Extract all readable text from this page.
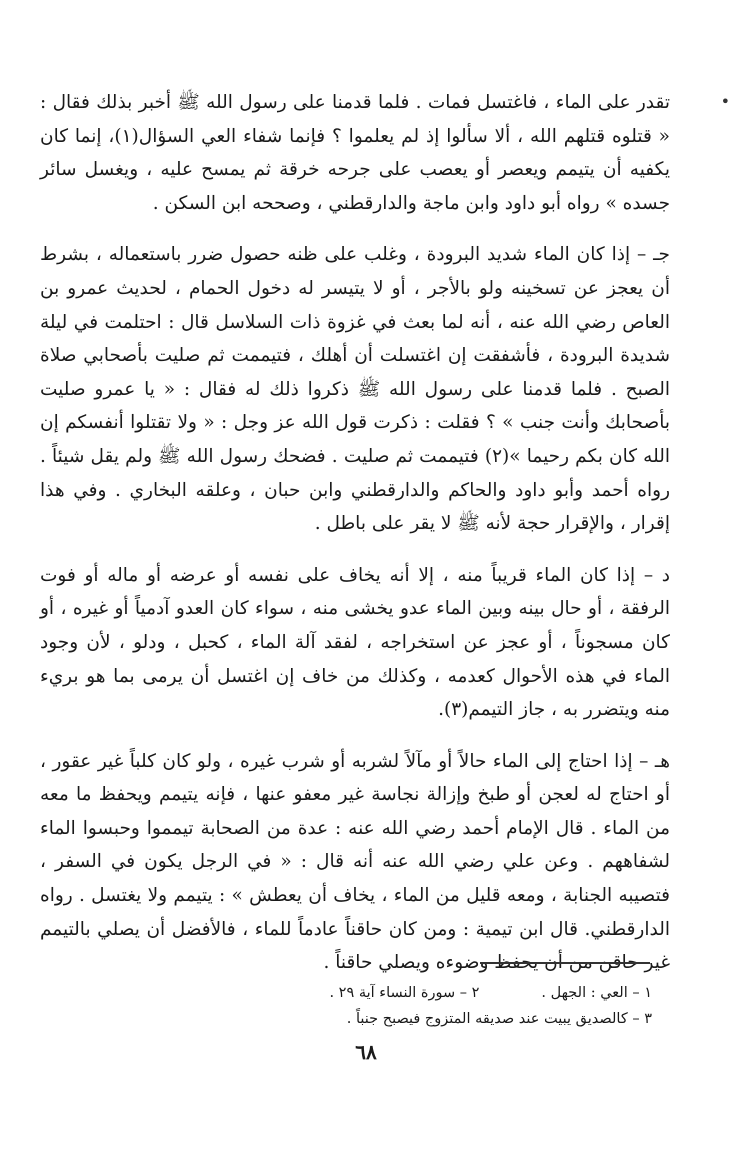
•

تقدر على الماء ، فاغتسل فمات . فلما قدمنا على رسول الله ﷺ أخبر بذلك فقال : « قتلوه قتلهم الله ، ألا سألوا إذ لم يعلموا ؟ فإنما شفاء العي السؤال(١)، إنما كان يكفيه أن يتيمم ويعصر أو يعصب على جرحه خرقة ثم يمسح عليه ، ويغسل سائر جسده » رواه أبو داود وابن ماجة والدارقطني ، وصححه ابن السكن .

جـ – إذا كان الماء شديد البرودة ، وغلب على ظنه حصول ضرر باستعماله ، بشرط أن يعجز عن تسخينه ولو بالأجر ، أو لا يتيسر له دخول الحمام ، لحديث عمرو بن العاص رضي الله عنه ، أنه لما بعث في غزوة ذات السلاسل قال : احتلمت في ليلة شديدة البرودة ، فأشفقت إن اغتسلت أن أهلك ، فتيممت ثم صليت بأصحابي صلاة الصبح . فلما قدمنا على رسول الله ﷺ ذكروا ذلك له فقال : « يا عمرو صليت بأصحابك وأنت جنب » ؟ فقلت : ذكرت قول الله عز وجل : « ولا تقتلوا أنفسكم إن الله كان بكم رحيما »(٢) فتيممت ثم صليت . فضحك رسول الله ﷺ ولم يقل شيئاً . رواه أحمد وأبو داود والحاكم والدارقطني وابن حبان ، وعلقه البخاري . وفي هذا إقرار ، والإقرار حجة لأنه ﷺ لا يقر على باطل .

د – إذا كان الماء قريباً منه ، إلا أنه يخاف على نفسه أو عرضه أو ماله أو فوت الرفقة ، أو حال بينه وبين الماء عدو يخشى منه ، سواء كان العدو آدمياً أو غيره ، أو كان مسجوناً ، أو عجز عن استخراجه ، لفقد آلة الماء ، كحبل ، ودلو ، لأن وجود الماء في هذه الأحوال كعدمه ، وكذلك من خاف إن اغتسل أن يرمى بما هو بريء منه ويتضرر به ، جاز التيمم(٣).

هـ – إذا احتاج إلى الماء حالاً أو مآلاً لشربه أو شرب غيره ، ولو كان كلباً غير عقور ، أو احتاج له لعجن أو طبخ وإزالة نجاسة غير معفو عنها ، فإنه يتيمم ويحفظ ما معه من الماء . قال الإمام أحمد رضي الله عنه : عدة من الصحابة تيمموا وحبسوا الماء لشفاههم . وعن علي رضي الله عنه أنه قال : « في الرجل يكون في السفر ، فتصيبه الجنابة ، ومعه قليل من الماء ، يخاف أن يعطش » : يتيمم ولا يغتسل . رواه الدارقطني. قال ابن تيمية : ومن كان حاقناً عادماً للماء ، فالأفضل أن يصلي بالتيمم غير حاقن من أن يحفظ وضوءه ويصلي حاقناً .

١ – العي : الجهل .
٢ – سورة النساء آية ٢٩ .
٣ – كالصديق يبيت عند صديقه المتزوج فيصبح جنباً .
٦٨
